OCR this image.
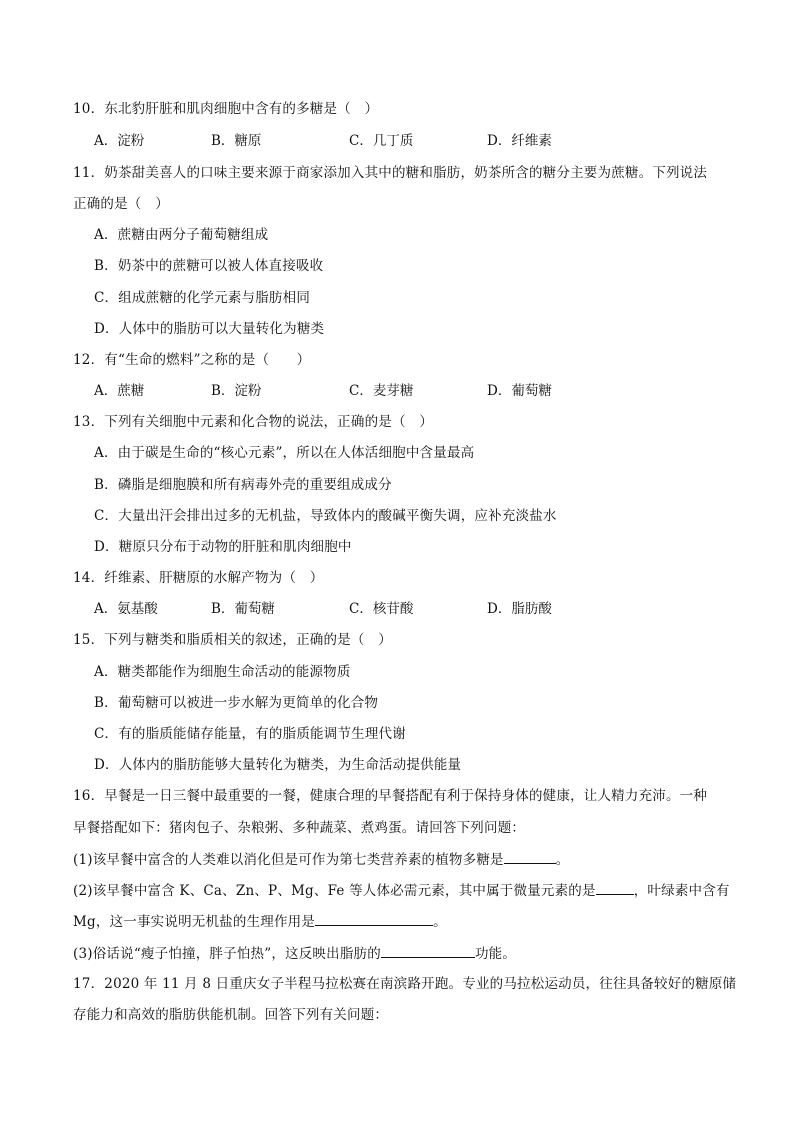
10．东北豹肝脏和肌肉细胞中含有的多糖是（　）
A．淀粉	B．糖原	C．几丁质	D．纤维素
11．奶茶甜美喜人的口味主要来源于商家添加入其中的糖和脂肪，奶茶所含的糖分主要为蔗糖。下列说法
正确的是（　）
A．蔗糖由两分子葡萄糖组成
B．奶茶中的蔗糖可以被人体直接吸收
C．组成蔗糖的化学元素与脂肪相同
D．人体中的脂肪可以大量转化为糖类
12．有“生命的燃料”之称的是（　　）
A．蔗糖	B．淀粉	C．麦芽糖	D．葡萄糖
13．下列有关细胞中元素和化合物的说法，正确的是（　）
A．由于碳是生命的“核心元素”，所以在人体活细胞中含量最高
B．磷脂是细胞膜和所有病毒外壳的重要组成成分
C．大量出汗会排出过多的无机盐，导致体内的酸碱平衡失调，应补充淡盐水
D．糖原只分布于动物的肝脏和肌肉细胞中
14．纤维素、肝糖原的水解产物为（　）
A．氨基酸	B．葡萄糖	C．核苷酸	D．脂肪酸
15．下列与糖类和脂质相关的叙述，正确的是（　）
A．糖类都能作为细胞生命活动的能源物质
B．葡萄糖可以被进一步水解为更简单的化合物
C．有的脂质能储存能量，有的脂质能调节生理代谢
D．人体内的脂肪能够大量转化为糖类，为生命活动提供能量
16．早餐是一日三餐中最重要的一餐，健康合理的早餐搭配有利于保持身体的健康，让人精力充沛。一种
早餐搭配如下：猪肉包子、杂粮粥、多种蔬菜、煮鸡蛋。请回答下列问题：
(1)该早餐中富含的人类难以消化但是可作为第七类营养素的植物多糖是	。
(2)该早餐中富含 K、Ca、Zn、P、Mg、Fe 等人体必需元素，其中属于微量元素的是	，叶绿素中含有
Mg，这一事实说明无机盐的生理作用是	。
(3)俗话说“瘦子怕撞，胖子怕热”，这反映出脂肪的	功能。
17．2020 年 11 月 8 日重庆女子半程马拉松赛在南滨路开跑。专业的马拉松运动员，往往具备较好的糖原储
存能力和高效的脂肪供能机制。回答下列有关问题：
